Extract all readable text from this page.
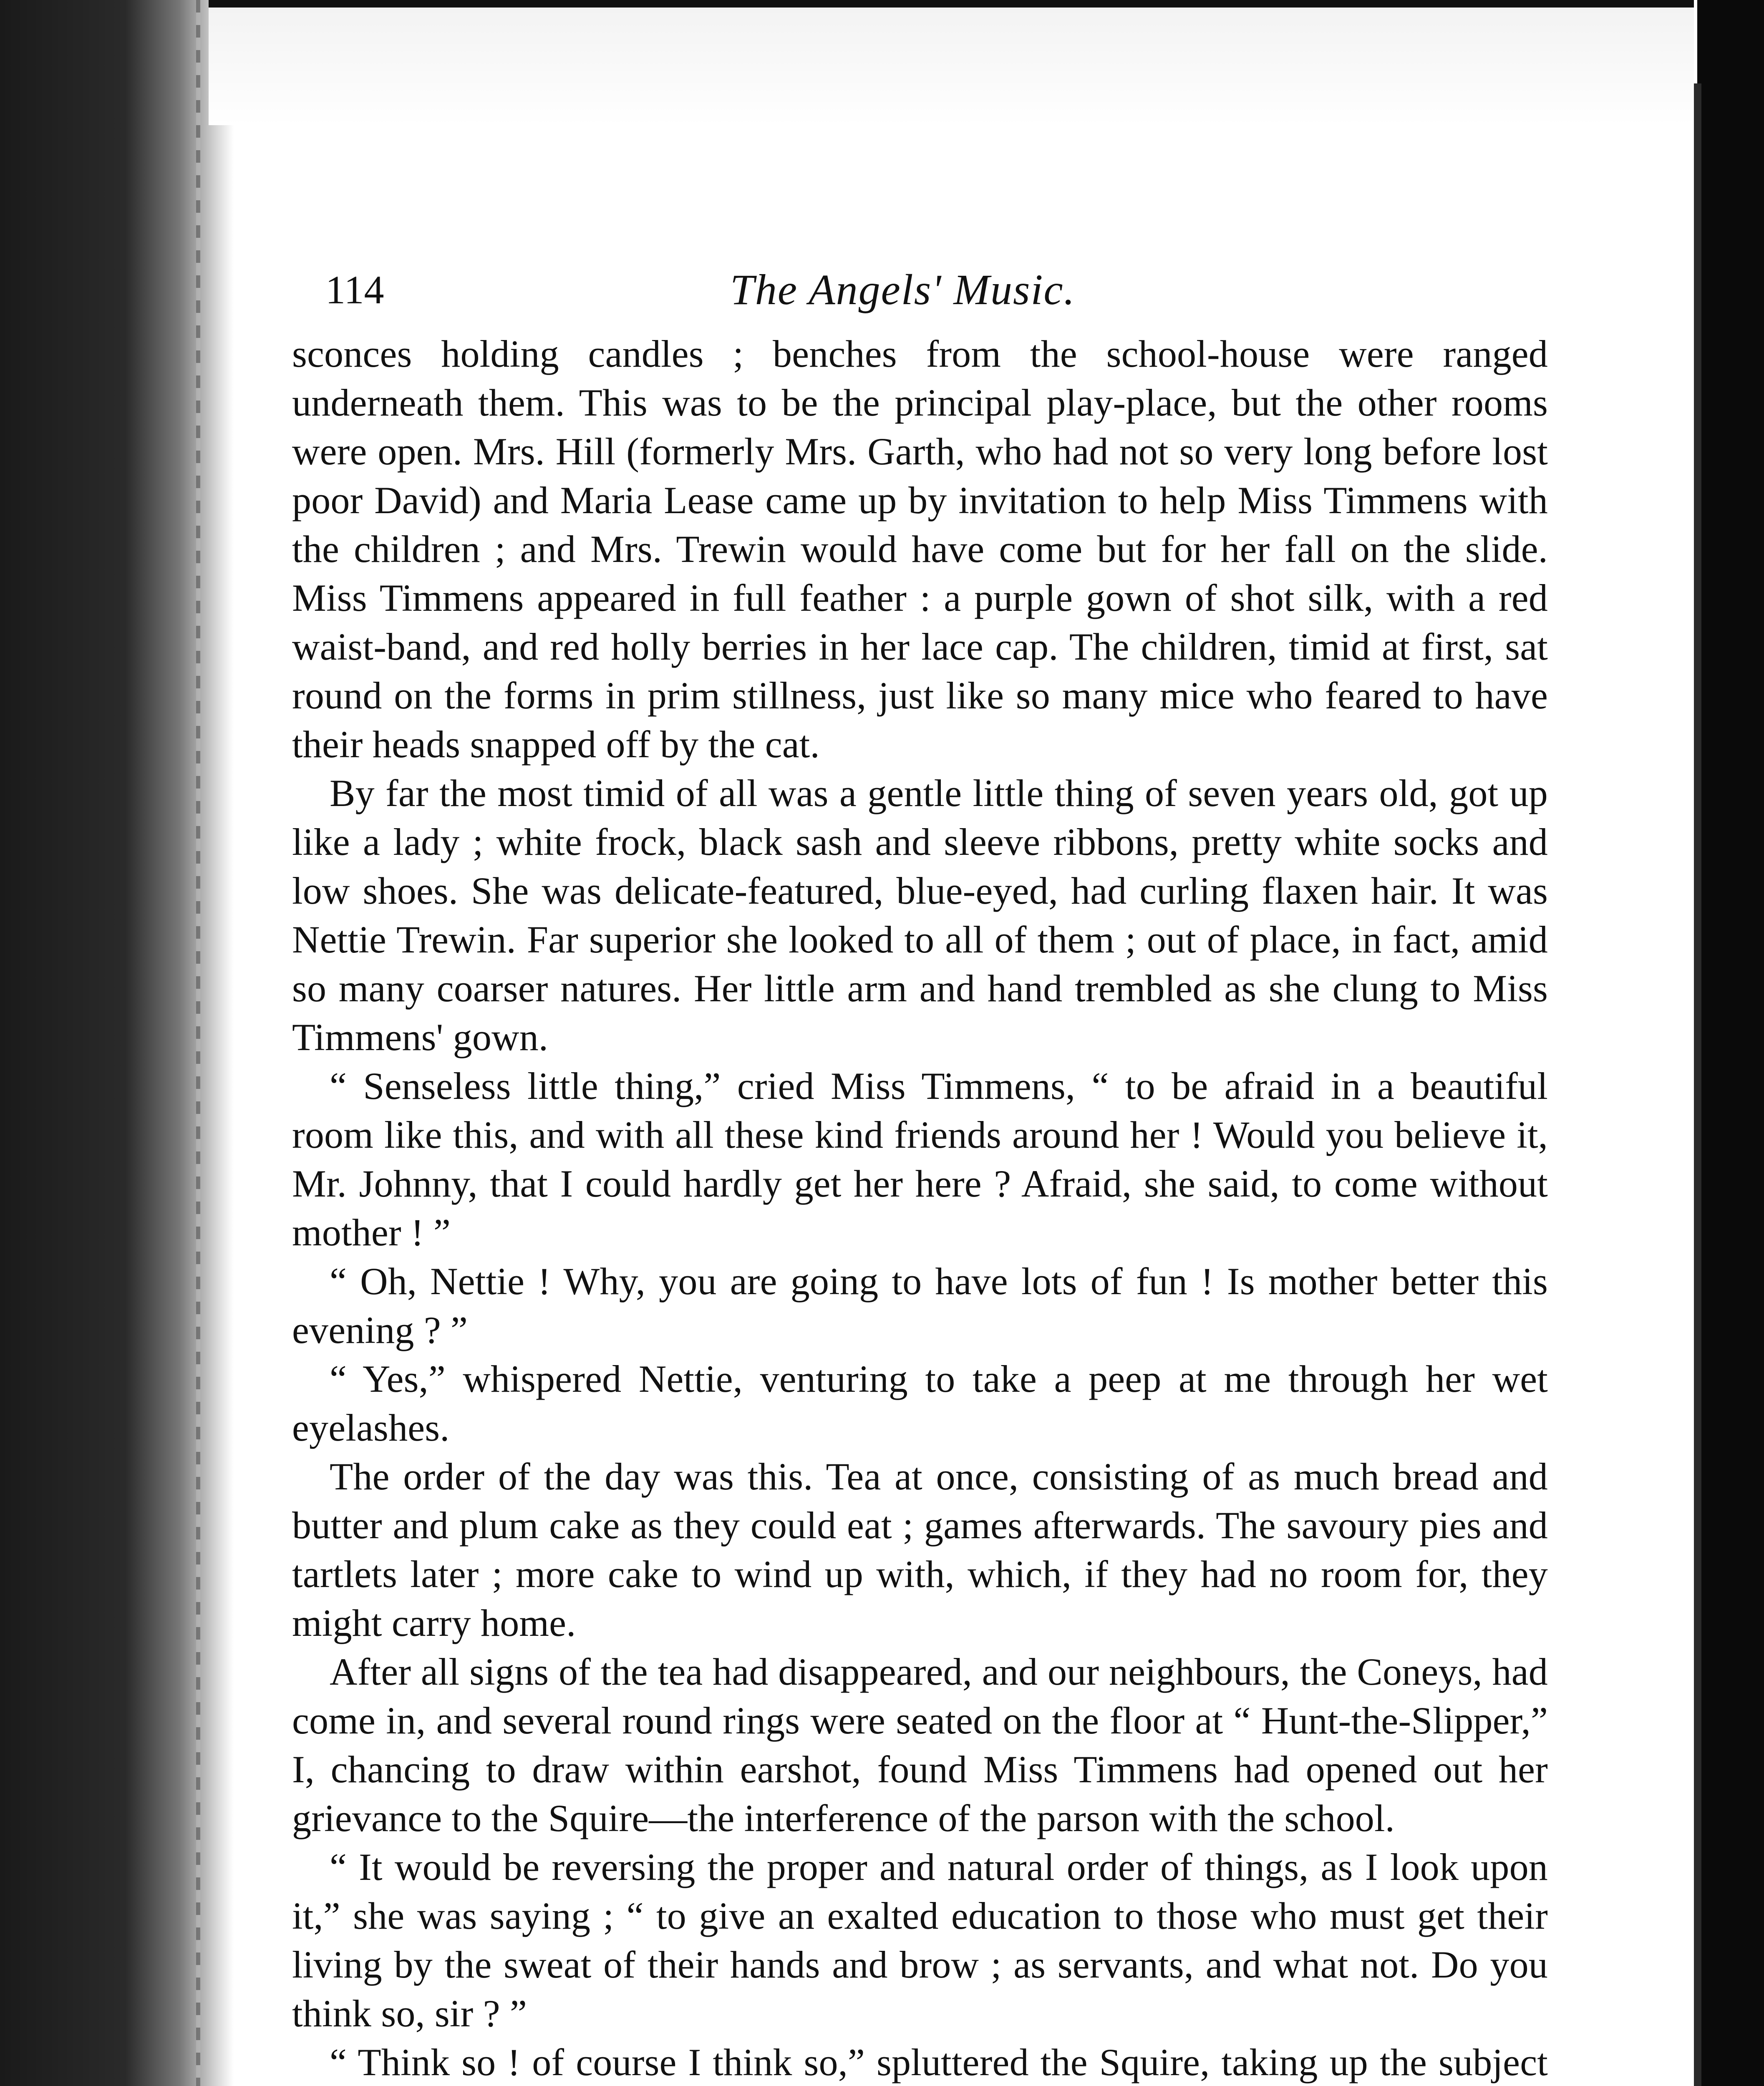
114	The Angels' Music.

sconces holding candles ; benches from the school-house were ranged underneath them. This was to be the principal play-place, but the other rooms were open. Mrs. Hill (formerly Mrs. Garth, who had not so very long before lost poor David) and Maria Lease came up by invitation to help Miss Timmens with the children ; and Mrs. Trewin would have come but for her fall on the slide. Miss Timmens appeared in full feather : a purple gown of shot silk, with a red waist-band, and red holly berries in her lace cap. The children, timid at first, sat round on the forms in prim stillness, just like so many mice who feared to have their heads snapped off by the cat.

By far the most timid of all was a gentle little thing of seven years old, got up like a lady ; white frock, black sash and sleeve ribbons, pretty white socks and low shoes. She was delicate-featured, blue-eyed, had curling flaxen hair. It was Nettie Trewin. Far superior she looked to all of them ; out of place, in fact, amid so many coarser natures. Her little arm and hand trembled as she clung to Miss Timmens' gown.

“ Senseless little thing,” cried Miss Timmens, “ to be afraid in a beautiful room like this, and with all these kind friends around her ! Would you believe it, Mr. Johnny, that I could hardly get her here ? Afraid, she said, to come without mother ! ”

“ Oh, Nettie ! Why, you are going to have lots of fun ! Is mother better this evening ? ”

“ Yes,” whispered Nettie, venturing to take a peep at me through her wet eyelashes.

The order of the day was this. Tea at once, consisting of as much bread and butter and plum cake as they could eat ; games afterwards. The savoury pies and tartlets later ; more cake to wind up with, which, if they had no room for, they might carry home.

After all signs of the tea had disappeared, and our neighbours, the Coneys, had come in, and several round rings were seated on the floor at “ Hunt-the-Slipper,” I, chancing to draw within earshot, found Miss Timmens had opened out her grievance to the Squire—the interference of the parson with the school.

“ It would be reversing the proper and natural order of things, as I look upon it,” she was saying ; “ to give an exalted education to those who must get their living by the sweat of their hands and brow ; as servants, and what not. Do you think so, sir ? ”

“ Think so ! of course I think so,” spluttered the Squire, taking up the subject
